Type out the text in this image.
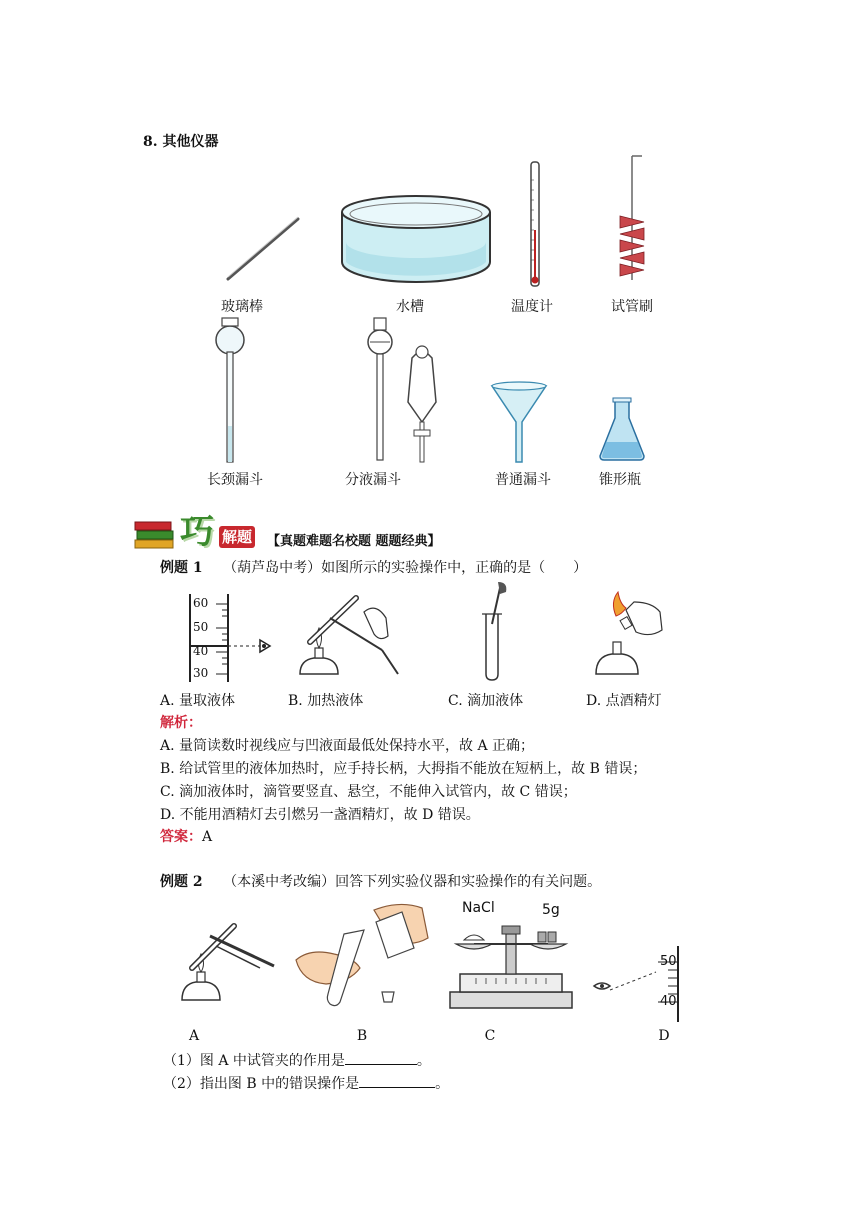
8. 其他仪器
玻璃棒	水槽	温度计	试管刷
长颈漏斗	分液漏斗	普通漏斗	锥形瓶
巧 解题 【真题难题名校题 题题经典】
例题 1 （葫芦岛中考）如图所示的实验操作中，正确的是（　　）
60
50
40
30
A. 量取液体	B. 加热液体	C. 滴加液体	D. 点酒精灯
解析：
A. 量筒读数时视线应与凹液面最低处保持水平，故 A 正确；
B. 给试管里的液体加热时，应手持长柄，大拇指不能放在短柄上，故 B 错误；
C. 滴加液体时，滴管要竖直、悬空，不能伸入试管内，故 C 错误；
D. 不能用酒精灯去引燃另一盏酒精灯，故 D 错误。
答案：A
例题 2 （本溪中考改编）回答下列实验仪器和实验操作的有关问题。
NaCl	5g
50
40
A	B	C	D
（1）图 A 中试管夹的作用是	。
（2）指出图 B 中的错误操作是	。
